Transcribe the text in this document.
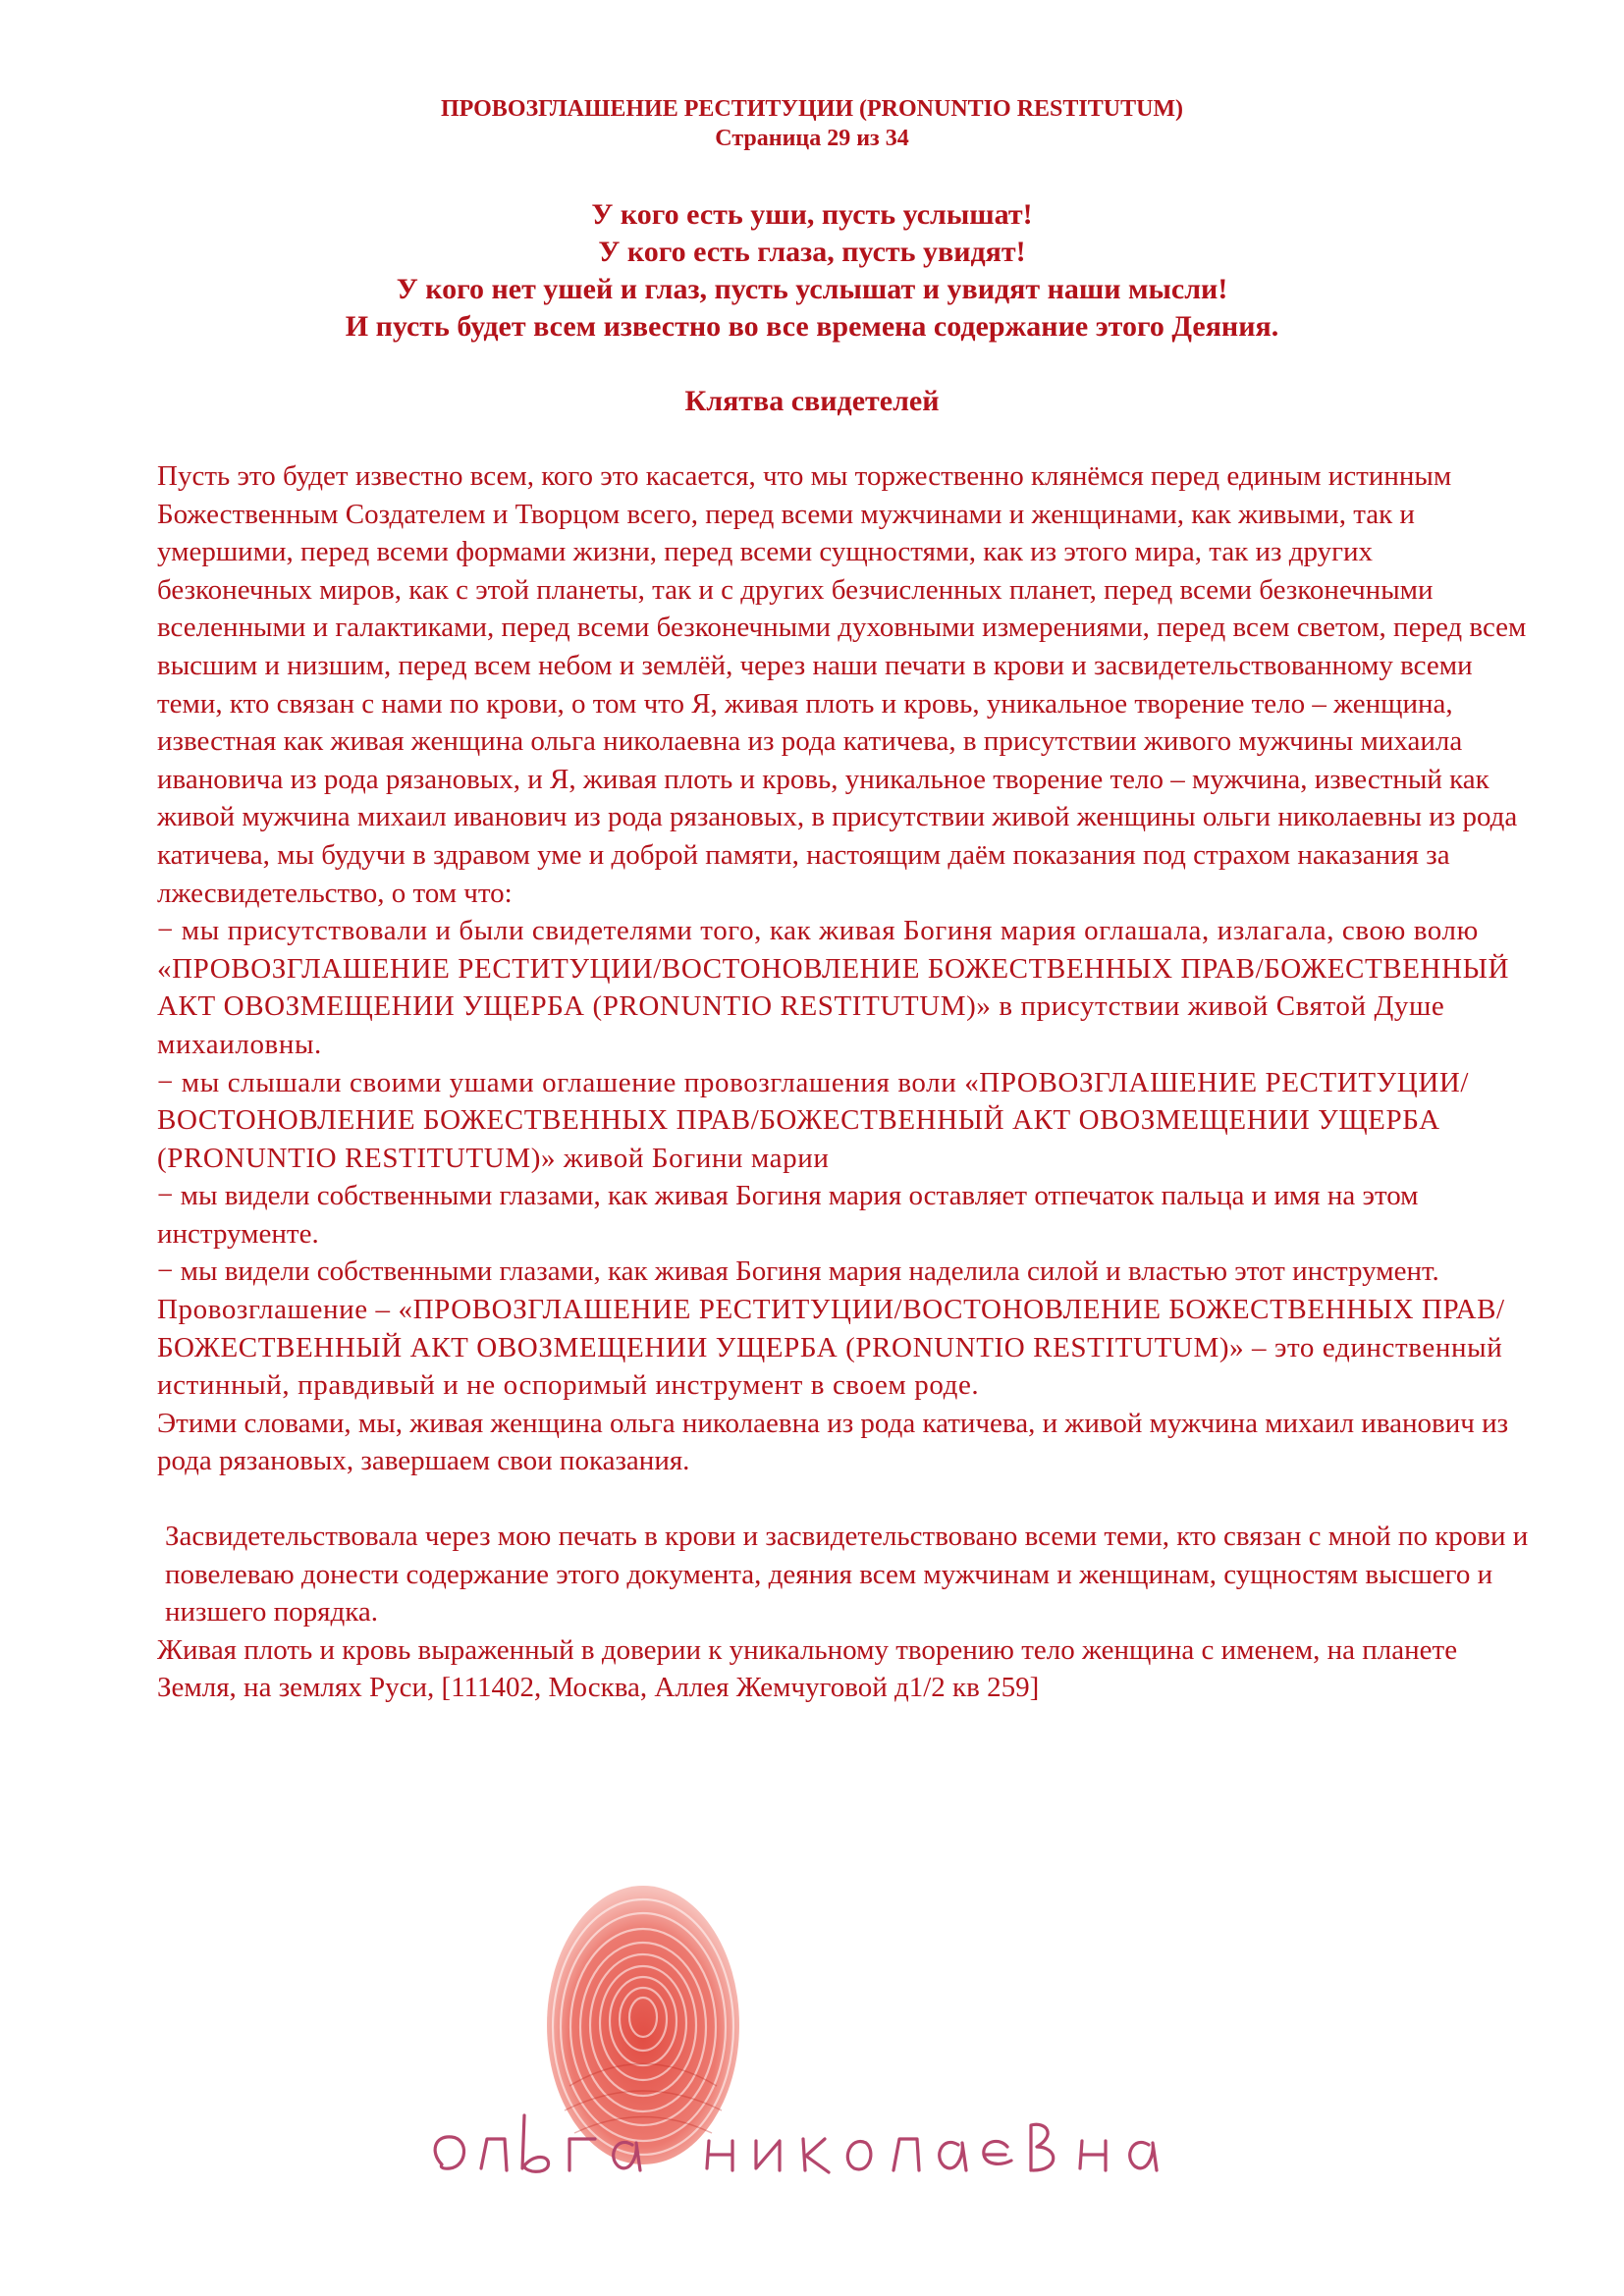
ПРОВОЗГЛАШЕНИЕ РЕСТИТУЦИИ (PRONUNTIO RESTITUTUM)
Страница 29 из 34
У кого есть уши, пусть услышат!
У кого есть глаза, пусть увидят!
У кого нет ушей и глаз, пусть услышат и увидят наши мысли!
И пусть будет всем известно во все времена содержание этого Деяния.
Клятва свидетелей

Пусть это будет известно всем, кого это касается, что мы торжественно клянёмся перед единым истинным Божественным Создателем и Творцом всего, перед всеми мужчинами и женщинами, как живыми, так и умершими, перед всеми формами жизни, перед всеми сущностями, как из этого мира, так из других безконечных миров, как с этой планеты, так и с других безчисленных планет, перед всеми безконечными вселенными и галактиками, перед всеми безконечными духовными измерениями, перед всем светом, перед всем высшим и низшим, перед всем небом и землёй, через наши печати в крови и засвидетельствованному всеми теми, кто связан с нами по крови, о том что Я, живая плоть и кровь, уникальное творение тело – женщина, известная как живая женщина ольга николаевна из рода катичева, в присутствии живого мужчины михаила ивановича из рода рязановых, и Я, живая плоть и кровь, уникальное творение тело – мужчина, известный как живой мужчина михаил иванович из рода рязановых, в присутствии живой женщины ольги николаевны из рода катичева, мы будучи в здравом уме и доброй памяти, настоящим даём показания под страхом наказания за лжесвидетельство, о том что:

− мы присутствовали и были свидетелями того, как живая Богиня мария оглашала, излагала, свою волю «ПРОВОЗГЛАШЕНИЕ РЕСТИТУЦИИ/ВОСТОНОВЛЕНИЕ БОЖЕСТВЕННЫХ ПРАВ/БОЖЕСТВЕННЫЙ АКТ ОВОЗМЕЩЕНИИ УЩЕРБА (PRONUNTIO RESTITUTUM)» в присутствии живой Святой Душе михаиловны.

− мы слышали своими ушами оглашение провозглашения воли «ПРОВОЗГЛАШЕНИЕ РЕСТИТУЦИИ/ВОСТОНОВЛЕНИЕ БОЖЕСТВЕННЫХ ПРАВ/БОЖЕСТВЕННЫЙ АКТ ОВОЗМЕЩЕНИИ УЩЕРБА (PRONUNTIO RESTITUTUM)» живой Богини марии

− мы видели собственными глазами, как живая Богиня мария оставляет отпечаток пальца и имя на этом инструменте.

− мы видели собственными глазами, как живая Богиня мария наделила силой и властью этот инструмент.

Провозглашение – «ПРОВОЗГЛАШЕНИЕ РЕСТИТУЦИИ/ВОСТОНОВЛЕНИЕ БОЖЕСТВЕННЫХ ПРАВ/БОЖЕСТВЕННЫЙ АКТ ОВОЗМЕЩЕНИИ УЩЕРБА (PRONUNTIO RESTITUTUM)» – это единственный истинный, правдивый и не оспоримый инструмент в своем роде.

Этими словами, мы, живая женщина ольга николаевна из рода катичева, и живой мужчина михаил иванович из рода рязановых, завершаем свои показания.

Засвидетельствовала через мою печать в крови и засвидетельствовано всеми теми, кто связан с мной по крови и повелеваю донести содержание этого документа, деяния всем мужчинам и женщинам, сущностям высшего и низшего порядка.

Живая плоть и кровь выраженный в доверии к уникальному творению тело женщина с именем, на планете Земля, на землях Руси, [111402, Москва, Аллея Жемчуговой д1/2 кв 259]
